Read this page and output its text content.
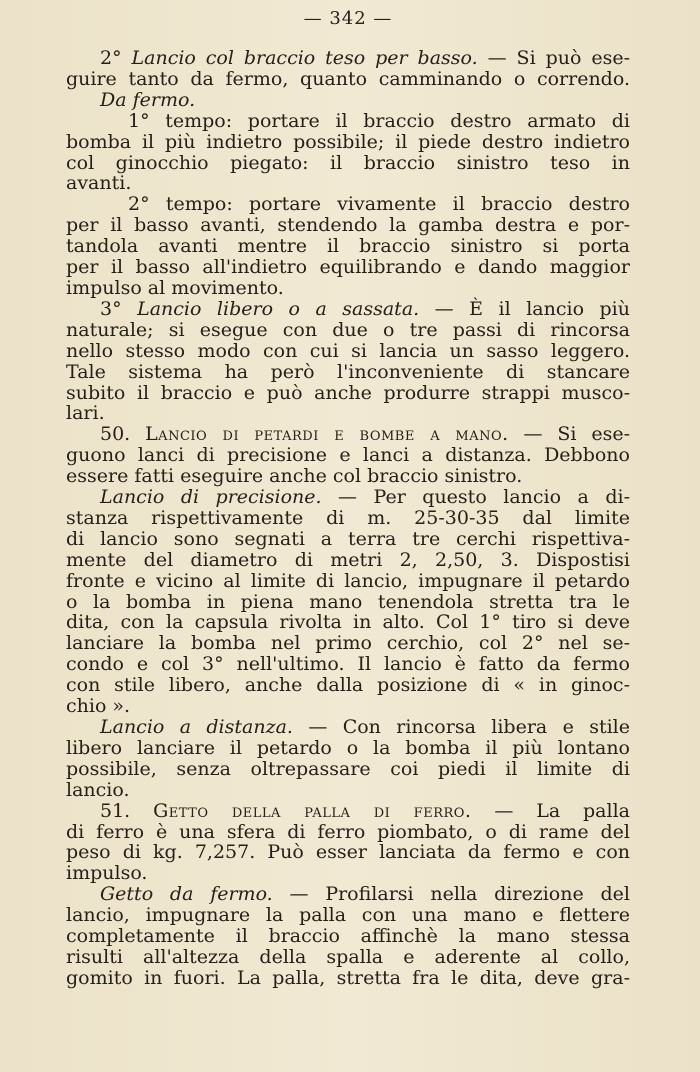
— 342 —
2° Lancio col braccio teso per basso. — Si può ese-
guire tanto da fermo, quanto camminando o correndo.
Da fermo.
1° tempo: portare il braccio destro armato di
bomba il più indietro possibile; il piede destro indietro
col ginocchio piegato: il braccio sinistro teso in
avanti.
2° tempo: portare vivamente il braccio destro
per il basso avanti, stendendo la gamba destra e por-
tandola avanti mentre il braccio sinistro si porta
per il basso all'indietro equilibrando e dando maggior
impulso al movimento.
3° Lancio libero o a sassata. — È il lancio più
naturale; si esegue con due o tre passi di rincorsa
nello stesso modo con cui si lancia un sasso leggero.
Tale sistema ha però l'inconveniente di stancare
subito il braccio e può anche produrre strappi musco-
lari.
50. Lancio di petardi e bombe a mano. — Si ese-
guono lanci di precisione e lanci a distanza. Debbono
essere fatti eseguire anche col braccio sinistro.
Lancio di precisione. — Per questo lancio a di-
stanza rispettivamente di m. 25-30-35 dal limite
di lancio sono segnati a terra tre cerchi rispettiva-
mente del diametro di metri 2, 2,50, 3. Dispostisi
fronte e vicino al limite di lancio, impugnare il petardo
o la bomba in piena mano tenendola stretta tra le
dita, con la capsula rivolta in alto. Col 1° tiro si deve
lanciare la bomba nel primo cerchio, col 2° nel se-
condo e col 3° nell'ultimo. Il lancio è fatto da fermo
con stile libero, anche dalla posizione di « in ginoc-
chio ».
Lancio a distanza. — Con rincorsa libera e stile
libero lanciare il petardo o la bomba il più lontano
possibile, senza oltrepassare coi piedi il limite di
lancio.
51. Getto della palla di ferro. — La palla
di ferro è una sfera di ferro piombato, o di rame del
peso di kg. 7,257. Può esser lanciata da fermo e con
impulso.
Getto da fermo. — Profilarsi nella direzione del
lancio, impugnare la palla con una mano e flettere
completamente il braccio affinchè la mano stessa
risulti all'altezza della spalla e aderente al collo,
gomito in fuori. La palla, stretta fra le dita, deve gra-
